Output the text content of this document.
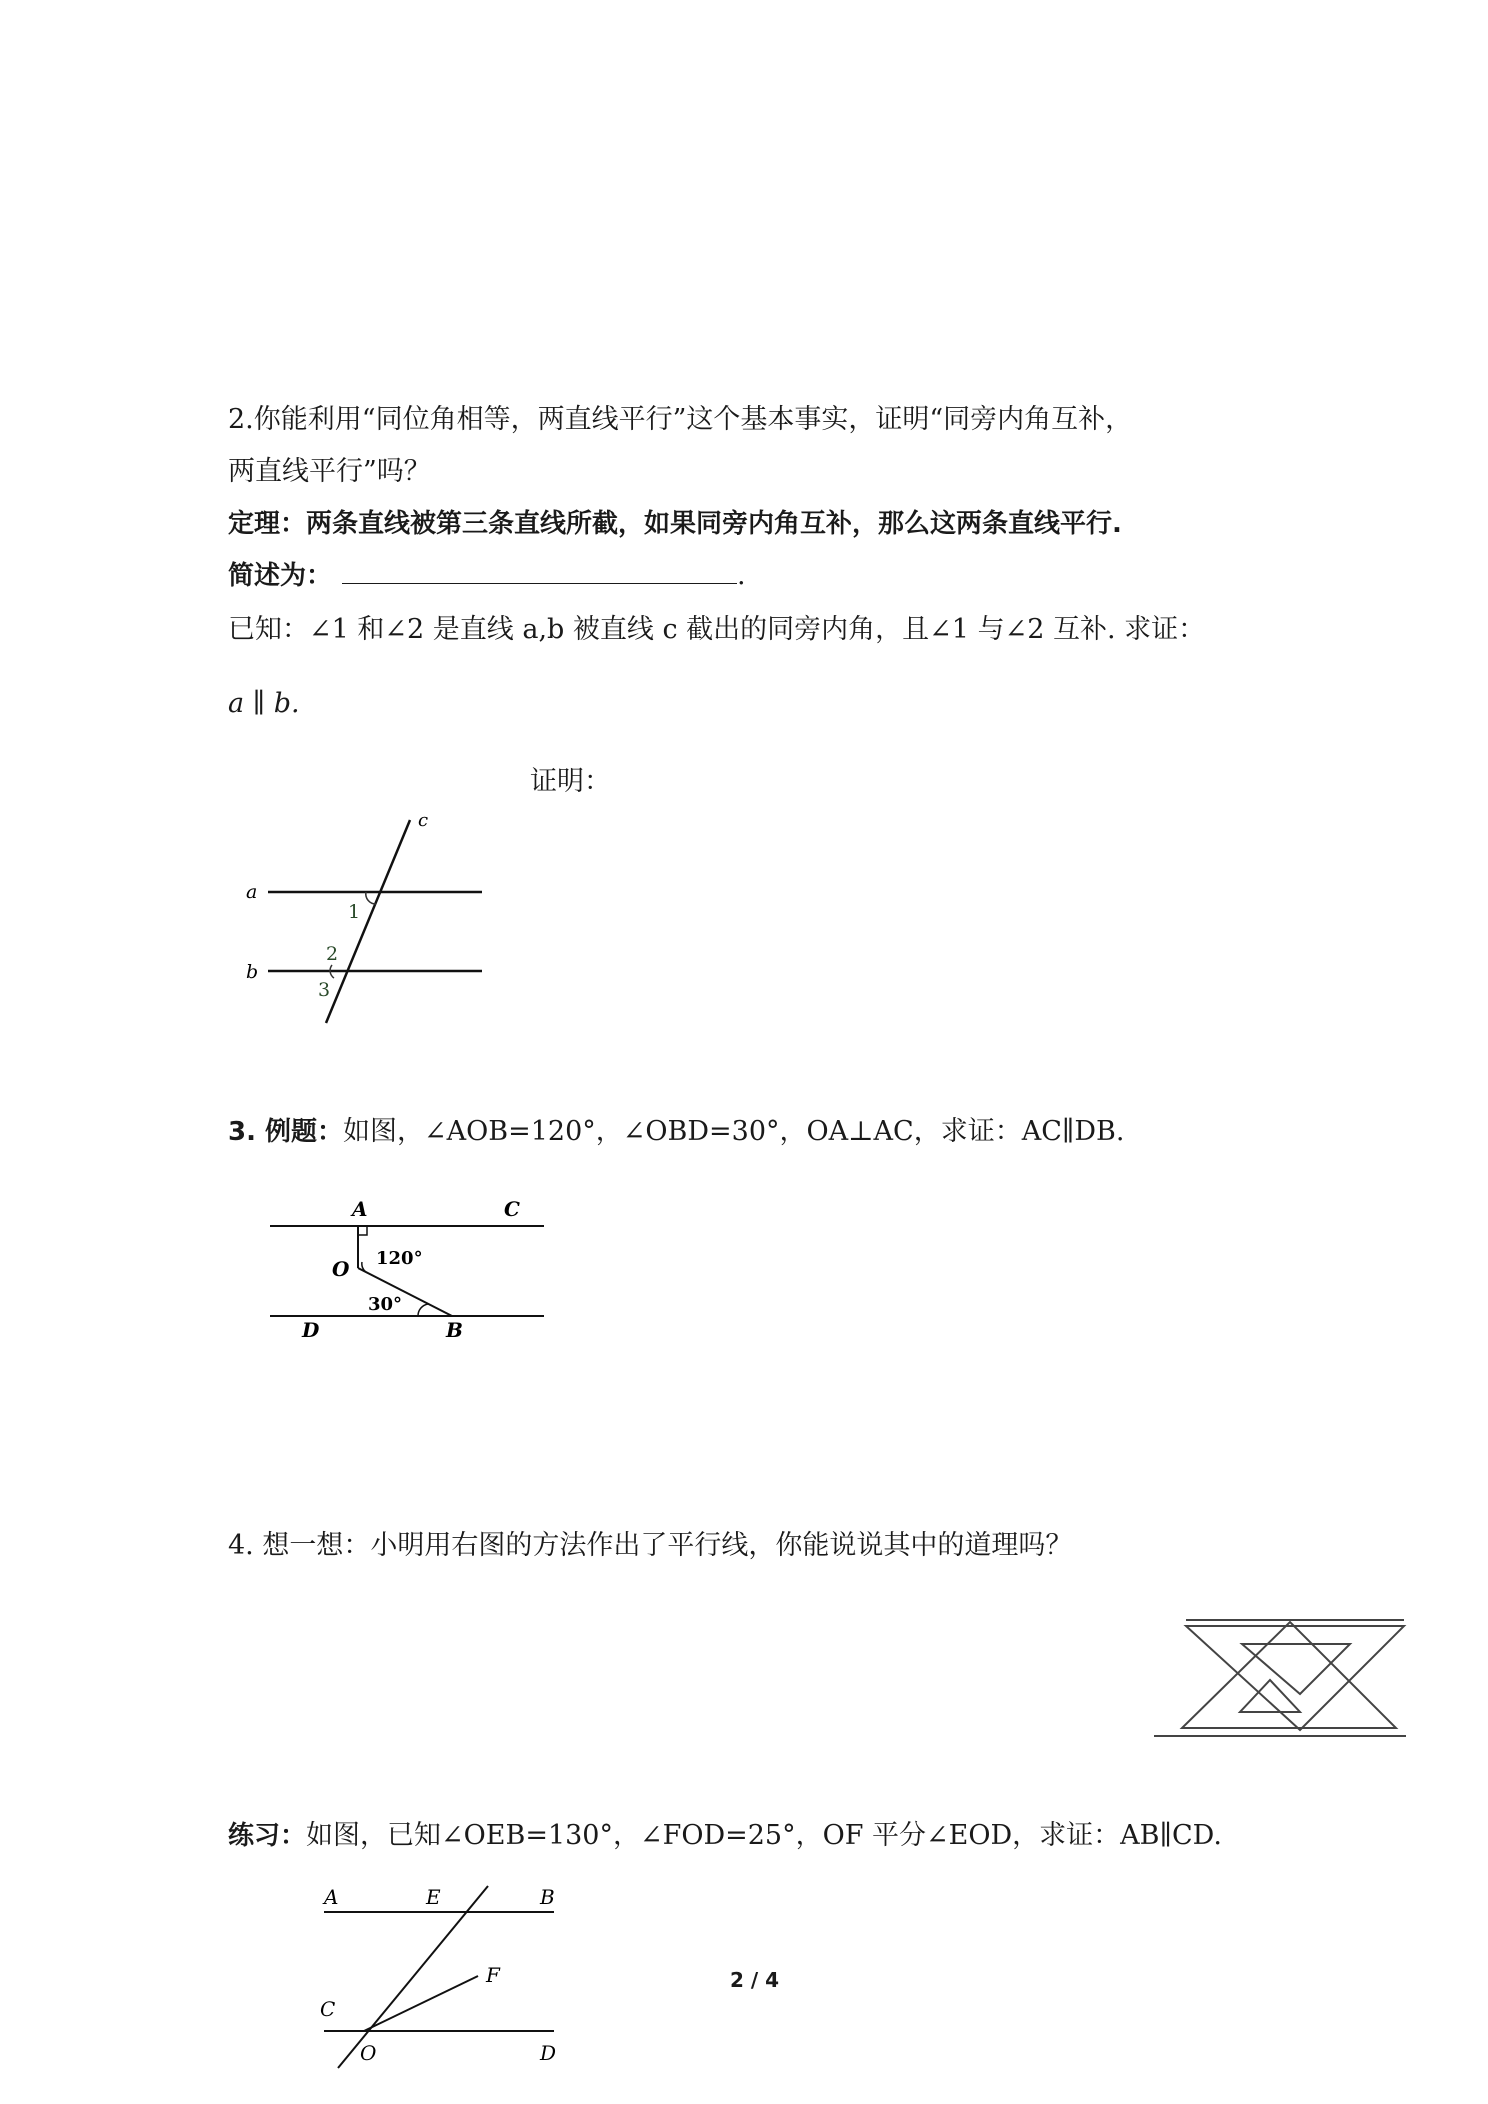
2.你能利用“同位角相等，两直线平行”这个基本事实，证明“同旁内角互补，
两直线平行”吗？
定理：两条直线被第三条直线所截，如果同旁内角互补，那么这两条直线平行.
简述为：	.
已知：∠1 和∠2 是直线 a,b 被直线 c 截出的同旁内角，且∠1 与∠2 互补. 求证：
a ∥ b.
证明：
c
a
b
1
2
3
3. 例题：如图，∠AOB=120°，∠OBD=30°，OA⊥AC，求证：AC∥DB.
A	C
O 120°
30°
D	B
4. 想一想：小明用右图的方法作出了平行线，你能说说其中的道理吗？
练习：如图，已知∠OEB=130°，∠FOD=25°，OF 平分∠EOD，求证：AB∥CD.
A	E	B
F
C
O	D
2 / 4
